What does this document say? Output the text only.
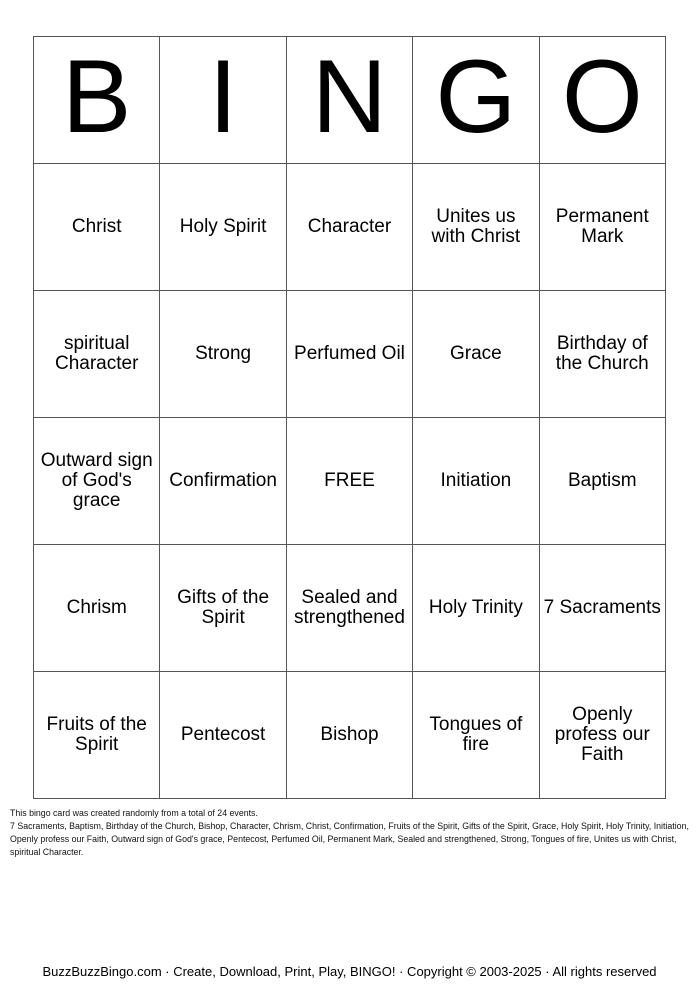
B	I	N	G	O

Christ	Holy Spirit	Character	Unites us with Christ	Permanent Mark
spiritual Character	Strong	Perfumed Oil	Grace	Birthday of the Church
Outward sign of God's grace	Confirmation	FREE	Initiation	Baptism
Chrism	Gifts of the Spirit	Sealed and strengthened	Holy Trinity	7 Sacraments
Fruits of the Spirit	Pentecost	Bishop	Tongues of fire	Openly profess our Faith

This bingo card was created randomly from a total of 24 events.

7 Sacraments, Baptism, Birthday of the Church, Bishop, Character, Chrism, Christ, Confirmation, Fruits of the Spirit, Gifts of the Spirit, Grace, Holy Spirit, Holy Trinity, Initiation, Openly profess our Faith, Outward sign of God's grace, Pentecost, Perfumed Oil, Permanent Mark, Sealed and strengthened, Strong, Tongues of fire, Unites us with Christ, spiritual Character.

BuzzBuzzBingo.com · Create, Download, Print, Play, BINGO! · Copyright © 2003-2025 · All rights reserved
